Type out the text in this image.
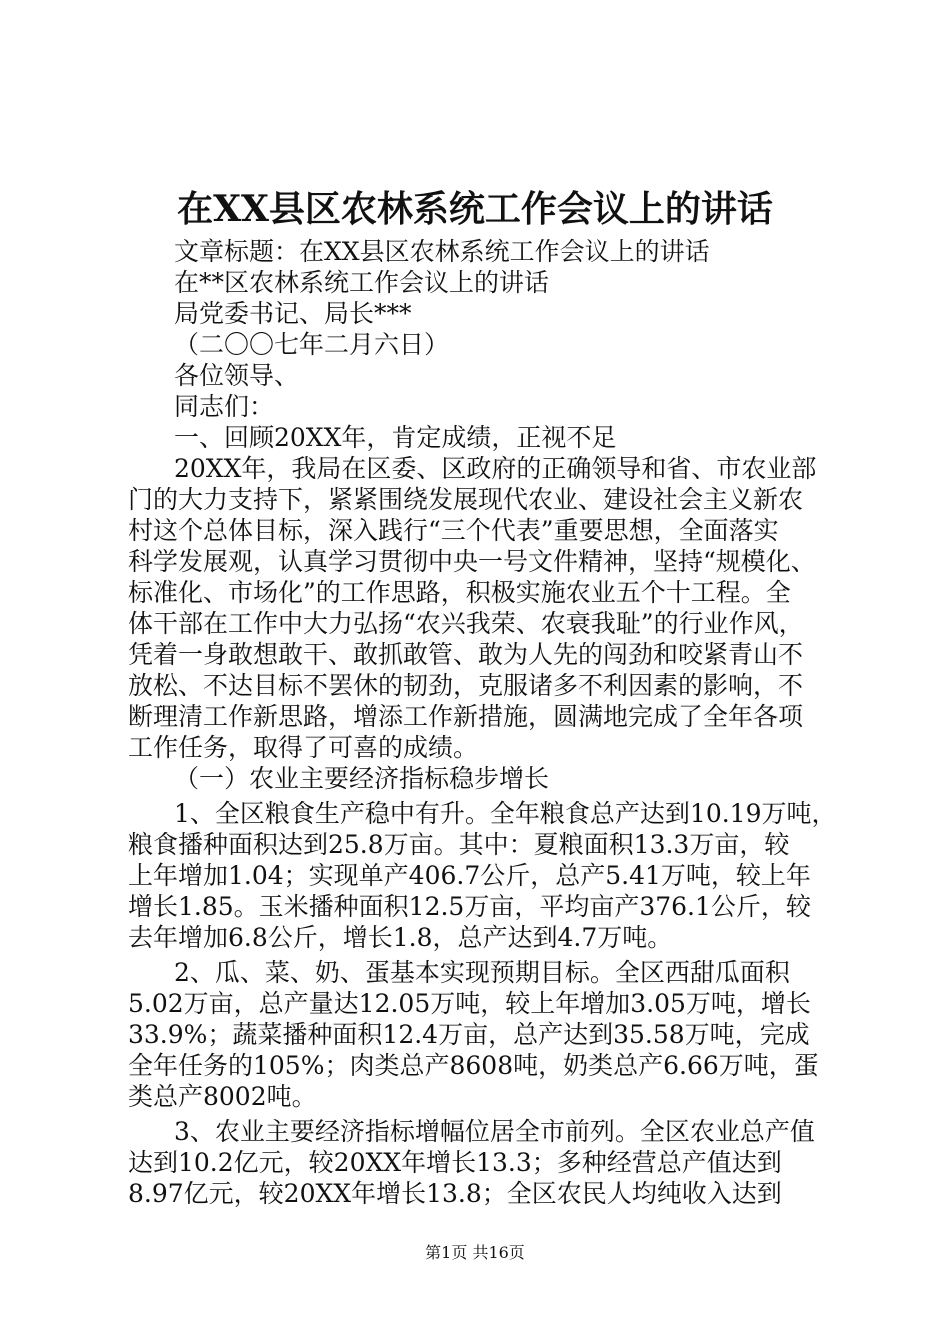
在XX县区农林系统工作会议上的讲话
文章标题：在XX县区农林系统工作会议上的讲话
在**区农林系统工作会议上的讲话
局党委书记、局长***
（二〇〇七年二月六日）
各位领导、
同志们：
一、回顾20XX年，肯定成绩，正视不足
20XX年，我局在区委、区政府的正确领导和省、市农业部
门的大力支持下，紧紧围绕发展现代农业、建设社会主义新农
村这个总体目标，深入践行“三个代表”重要思想，全面落实
科学发展观，认真学习贯彻中央一号文件精神，坚持“规模化、
标准化、市场化”的工作思路，积极实施农业五个十工程。全
体干部在工作中大力弘扬“农兴我荣、农衰我耻”的行业作风，
凭着一身敢想敢干、敢抓敢管、敢为人先的闯劲和咬紧青山不
放松、不达目标不罢休的韧劲，克服诸多不利因素的影响，不
断理清工作新思路，增添工作新措施，圆满地完成了全年各项
工作任务，取得了可喜的成绩。
（一）农业主要经济指标稳步增长
1、全区粮食生产稳中有升。全年粮食总产达到10.19万吨，
粮食播种面积达到25.8万亩。其中：夏粮面积13.3万亩，较
上年增加1.04；实现单产406.7公斤，总产5.41万吨，较上年
增长1.85。玉米播种面积12.5万亩，平均亩产376.1公斤，较
去年增加6.8公斤，增长1.8，总产达到4.7万吨。
2、瓜、菜、奶、蛋基本实现预期目标。全区西甜瓜面积
5.02万亩，总产量达12.05万吨，较上年增加3.05万吨，增长
33.9%；蔬菜播种面积12.4万亩，总产达到35.58万吨，完成
全年任务的105%；肉类总产8608吨，奶类总产6.66万吨，蛋
类总产8002吨。
3、农业主要经济指标增幅位居全市前列。全区农业总产值
达到10.2亿元，较20XX年增长13.3；多种经营总产值达到
8.97亿元，较20XX年增长13.8；全区农民人均纯收入达到
第1页 共16页
